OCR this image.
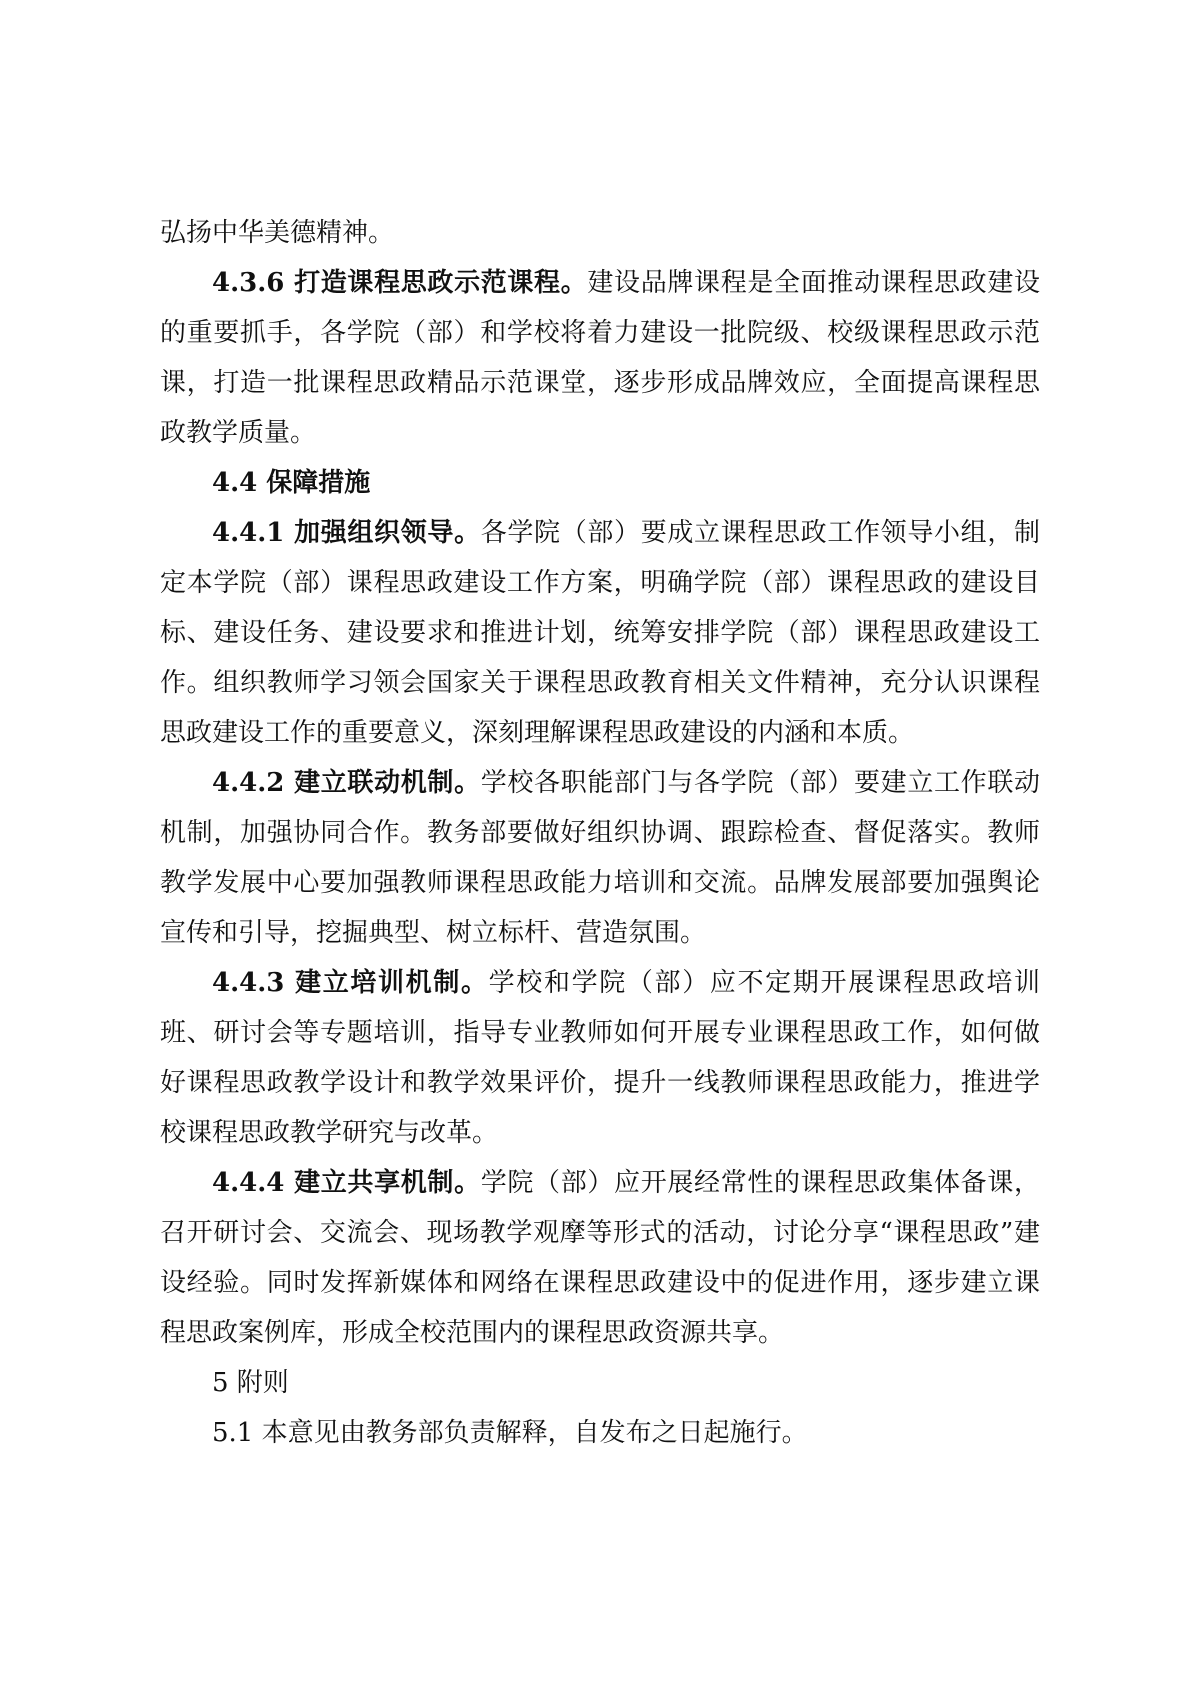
弘扬中华美德精神。

4.3.6 打造课程思政示范课程。建设品牌课程是全面推动课程思政建设的重要抓手，各学院（部）和学校将着力建设一批院级、校级课程思政示范课，打造一批课程思政精品示范课堂，逐步形成品牌效应，全面提高课程思政教学质量。

4.4 保障措施

4.4.1 加强组织领导。各学院（部）要成立课程思政工作领导小组，制定本学院（部）课程思政建设工作方案，明确学院（部）课程思政的建设目标、建设任务、建设要求和推进计划，统筹安排学院（部）课程思政建设工作。组织教师学习领会国家关于课程思政教育相关文件精神，充分认识课程思政建设工作的重要意义，深刻理解课程思政建设的内涵和本质。

4.4.2 建立联动机制。学校各职能部门与各学院（部）要建立工作联动机制，加强协同合作。教务部要做好组织协调、跟踪检查、督促落实。教师教学发展中心要加强教师课程思政能力培训和交流。品牌发展部要加强舆论宣传和引导，挖掘典型、树立标杆、营造氛围。

4.4.3 建立培训机制。学校和学院（部）应不定期开展课程思政培训班、研讨会等专题培训，指导专业教师如何开展专业课程思政工作，如何做好课程思政教学设计和教学效果评价，提升一线教师课程思政能力，推进学校课程思政教学研究与改革。

4.4.4 建立共享机制。学院（部）应开展经常性的课程思政集体备课，召开研讨会、交流会、现场教学观摩等形式的活动，讨论分享“课程思政”建设经验。同时发挥新媒体和网络在课程思政建设中的促进作用，逐步建立课程思政案例库，形成全校范围内的课程思政资源共享。

5 附则

5.1 本意见由教务部负责解释，自发布之日起施行。
